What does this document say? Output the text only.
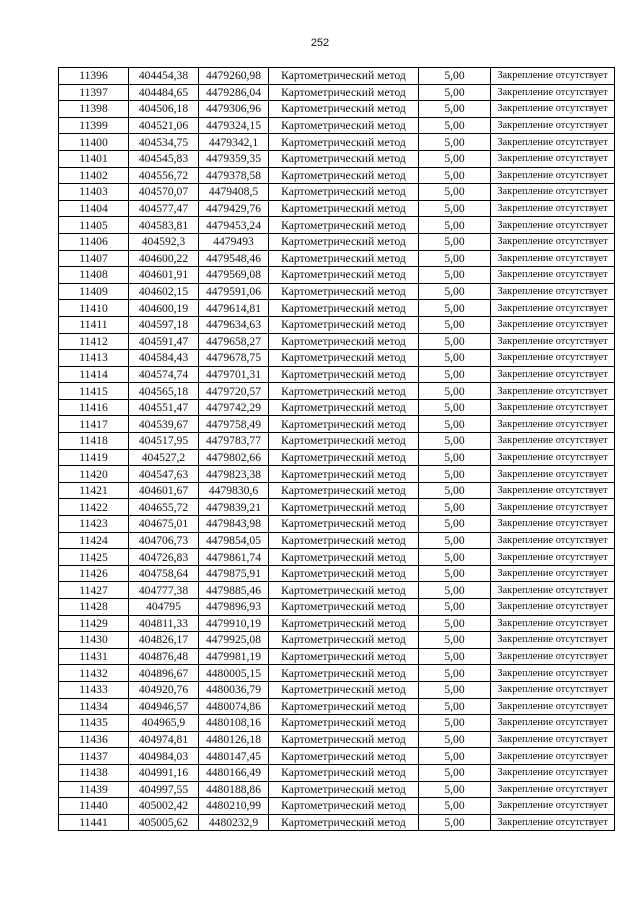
252
11396	404454,38	4479260,98	Картометрический метод	5,00	Закрепление отсутствует
11397	404484,65	4479286,04	Картометрический метод	5,00	Закрепление отсутствует
11398	404506,18	4479306,96	Картометрический метод	5,00	Закрепление отсутствует
11399	404521,06	4479324,15	Картометрический метод	5,00	Закрепление отсутствует
11400	404534,75	4479342,1	Картометрический метод	5,00	Закрепление отсутствует
11401	404545,83	4479359,35	Картометрический метод	5,00	Закрепление отсутствует
11402	404556,72	4479378,58	Картометрический метод	5,00	Закрепление отсутствует
11403	404570,07	4479408,5	Картометрический метод	5,00	Закрепление отсутствует
11404	404577,47	4479429,76	Картометрический метод	5,00	Закрепление отсутствует
11405	404583,81	4479453,24	Картометрический метод	5,00	Закрепление отсутствует
11406	404592,3	4479493	Картометрический метод	5,00	Закрепление отсутствует
11407	404600,22	4479548,46	Картометрический метод	5,00	Закрепление отсутствует
11408	404601,91	4479569,08	Картометрический метод	5,00	Закрепление отсутствует
11409	404602,15	4479591,06	Картометрический метод	5,00	Закрепление отсутствует
11410	404600,19	4479614,81	Картометрический метод	5,00	Закрепление отсутствует
11411	404597,18	4479634,63	Картометрический метод	5,00	Закрепление отсутствует
11412	404591,47	4479658,27	Картометрический метод	5,00	Закрепление отсутствует
11413	404584,43	4479678,75	Картометрический метод	5,00	Закрепление отсутствует
11414	404574,74	4479701,31	Картометрический метод	5,00	Закрепление отсутствует
11415	404565,18	4479720,57	Картометрический метод	5,00	Закрепление отсутствует
11416	404551,47	4479742,29	Картометрический метод	5,00	Закрепление отсутствует
11417	404539,67	4479758,49	Картометрический метод	5,00	Закрепление отсутствует
11418	404517,95	4479783,77	Картометрический метод	5,00	Закрепление отсутствует
11419	404527,2	4479802,66	Картометрический метод	5,00	Закрепление отсутствует
11420	404547,63	4479823,38	Картометрический метод	5,00	Закрепление отсутствует
11421	404601,67	4479830,6	Картометрический метод	5,00	Закрепление отсутствует
11422	404655,72	4479839,21	Картометрический метод	5,00	Закрепление отсутствует
11423	404675,01	4479843,98	Картометрический метод	5,00	Закрепление отсутствует
11424	404706,73	4479854,05	Картометрический метод	5,00	Закрепление отсутствует
11425	404726,83	4479861,74	Картометрический метод	5,00	Закрепление отсутствует
11426	404758,64	4479875,91	Картометрический метод	5,00	Закрепление отсутствует
11427	404777,38	4479885,46	Картометрический метод	5,00	Закрепление отсутствует
11428	404795	4479896,93	Картометрический метод	5,00	Закрепление отсутствует
11429	404811,33	4479910,19	Картометрический метод	5,00	Закрепление отсутствует
11430	404826,17	4479925,08	Картометрический метод	5,00	Закрепление отсутствует
11431	404876,48	4479981,19	Картометрический метод	5,00	Закрепление отсутствует
11432	404896,67	4480005,15	Картометрический метод	5,00	Закрепление отсутствует
11433	404920,76	4480036,79	Картометрический метод	5,00	Закрепление отсутствует
11434	404946,57	4480074,86	Картометрический метод	5,00	Закрепление отсутствует
11435	404965,9	4480108,16	Картометрический метод	5,00	Закрепление отсутствует
11436	404974,81	4480126,18	Картометрический метод	5,00	Закрепление отсутствует
11437	404984,03	4480147,45	Картометрический метод	5,00	Закрепление отсутствует
11438	404991,16	4480166,49	Картометрический метод	5,00	Закрепление отсутствует
11439	404997,55	4480188,86	Картометрический метод	5,00	Закрепление отсутствует
11440	405002,42	4480210,99	Картометрический метод	5,00	Закрепление отсутствует
11441	405005,62	4480232,9	Картометрический метод	5,00	Закрепление отсутствует
